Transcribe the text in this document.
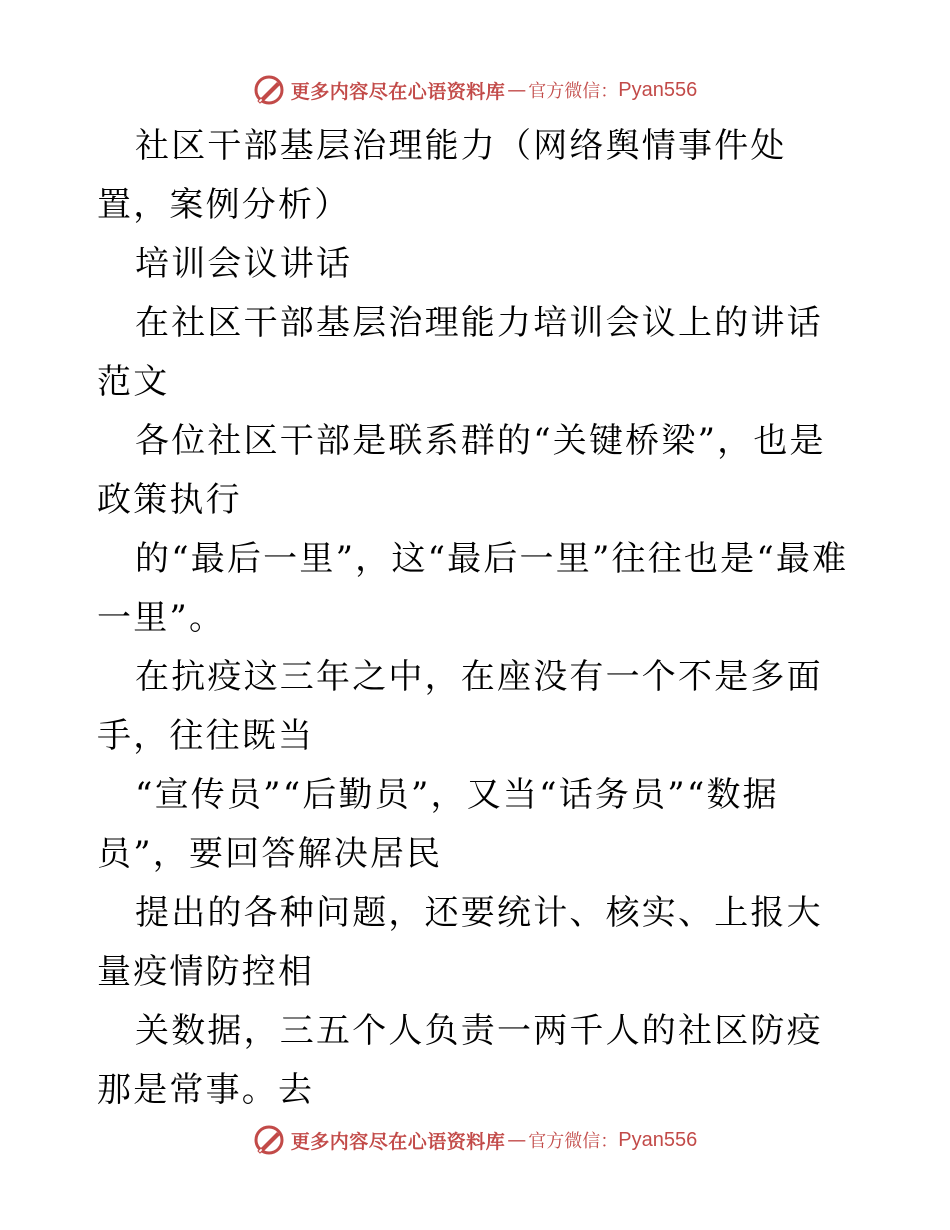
更多内容尽在心语资料库 — 官方微信： Pyan556

社区干部基层治理能力（网络舆情事件处置，案例分析）

培训会议讲话

在社区干部基层治理能力培训会议上的讲话范文

各位社区干部是联系群的“关键桥梁”，也是政策执行

的“最后一里”，这“最后一里”往往也是“最难一里”。

在抗疫这三年之中，在座没有一个不是多面手，往往既当

“宣传员”“后勤员”，又当“话务员”“数据员”，要回答解决居民

提出的各种问题，还要统计、核实、上报大量疫情防控相

关数据，三五个人负责一两千人的社区防疫那是常事。去

更多内容尽在心语资料库 — 官方微信： Pyan556
